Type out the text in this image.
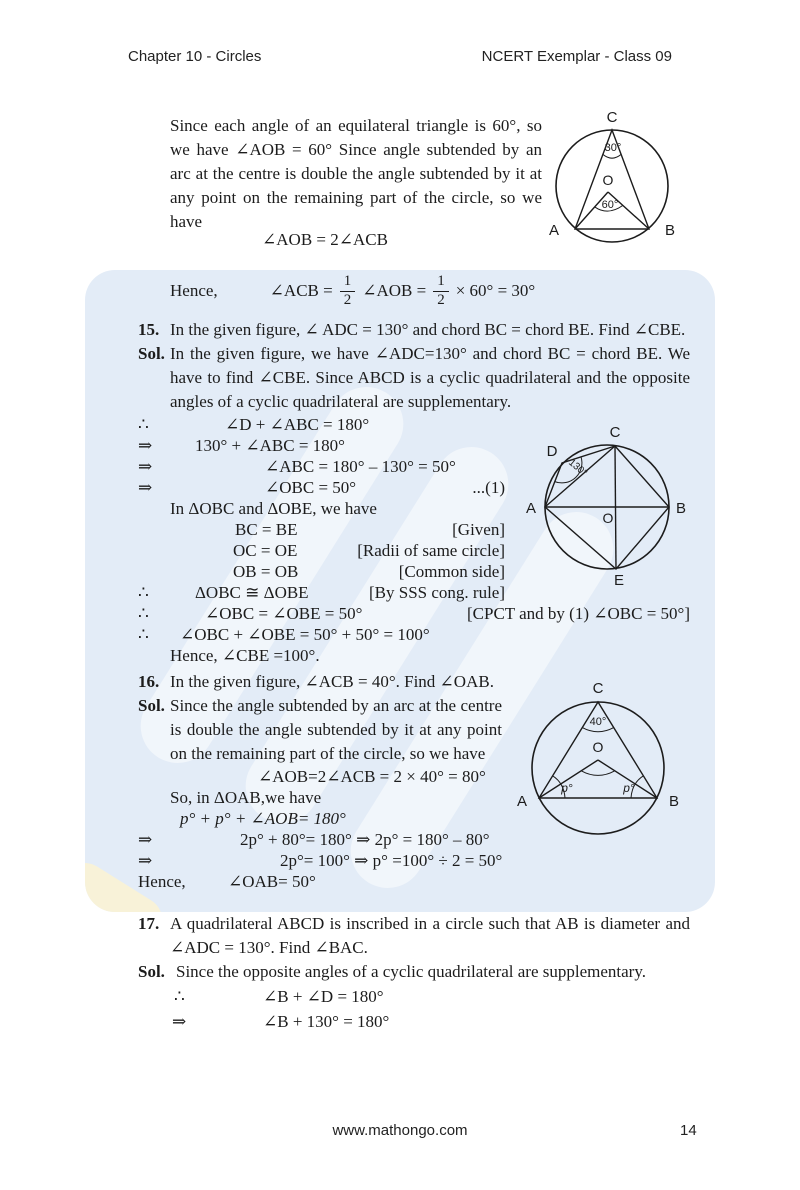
Chapter 10 - Circles	NCERT Exemplar - Class 09
Since each angle of an equilateral triangle is 60°, so we have ∠AOB = 60° Since angle subtended by an arc at the centre is double the angle subtended by it at any point on the remaining part of the circle, so we have
∠AOB = 2∠ACB
Hence,	∠ACB = $\frac{1}{2}$ ∠AOB = $\frac{1}{2} \times 60^\circ = 30^\circ$
C
30°
O
60°
A	B
15. In the given figure, ∠ ADC = 130° and chord BC = chord BE. Find ∠CBE.
Sol. In the given figure, we have ∠ADC=130° and chord BC = chord BE. We have to find ∠CBE. Since ABCD is a cyclic quadrilateral and the opposite angles of a cyclic quadrilateral are supplementary.
∴	∠D + ∠ABC = 180°
⇒	130° + ∠ABC = 180°
⇒	∠ABC = 180° – 130° = 50°
⇒	∠OBC = 50°	...(1)
In ΔOBC and ΔOBE, we have
BC = BE	[Given]
OC = OE	[Radii of same circle]
OB = OB	[Common side]
∴	ΔOBC ≅ ΔOBE	[By SSS cong. rule]
∴	∠OBC = ∠OBE = 50°	[CPCT and by (1) ∠OBC = 50°]
∴	∠OBC + ∠OBE = 50° + 50° = 100°
Hence, ∠CBE =100°.
C
D
A	B
O
E
130°
16. In the given figure, ∠ACB = 40°. Find ∠OAB.
Sol. Since the angle subtended by an arc at the centre is double the angle subtended by it at any point on the remaining part of the circle, so we have
∠AOB=2∠ACB = 2 × 40° = 80°
So, in ΔOAB,we have
p° + p° + ∠AOB= 180°
⇒	2p° + 80°= 180° ⇒ 2p° = 180° – 80°
⇒	2p°= 100° ⇒ p° =100° ÷ 2 = 50°
Hence,	∠OAB= 50°
C
40°
O
A	B
p°	p°
17. A quadrilateral ABCD is inscribed in a circle such that AB is diameter and ∠ADC = 130°. Find ∠BAC.
Sol. Since the opposite angles of a cyclic quadrilateral are supplementary.
∴	∠B + ∠D = 180°
⇒	∠B + 130° = 180°
www.mathongo.com	14
